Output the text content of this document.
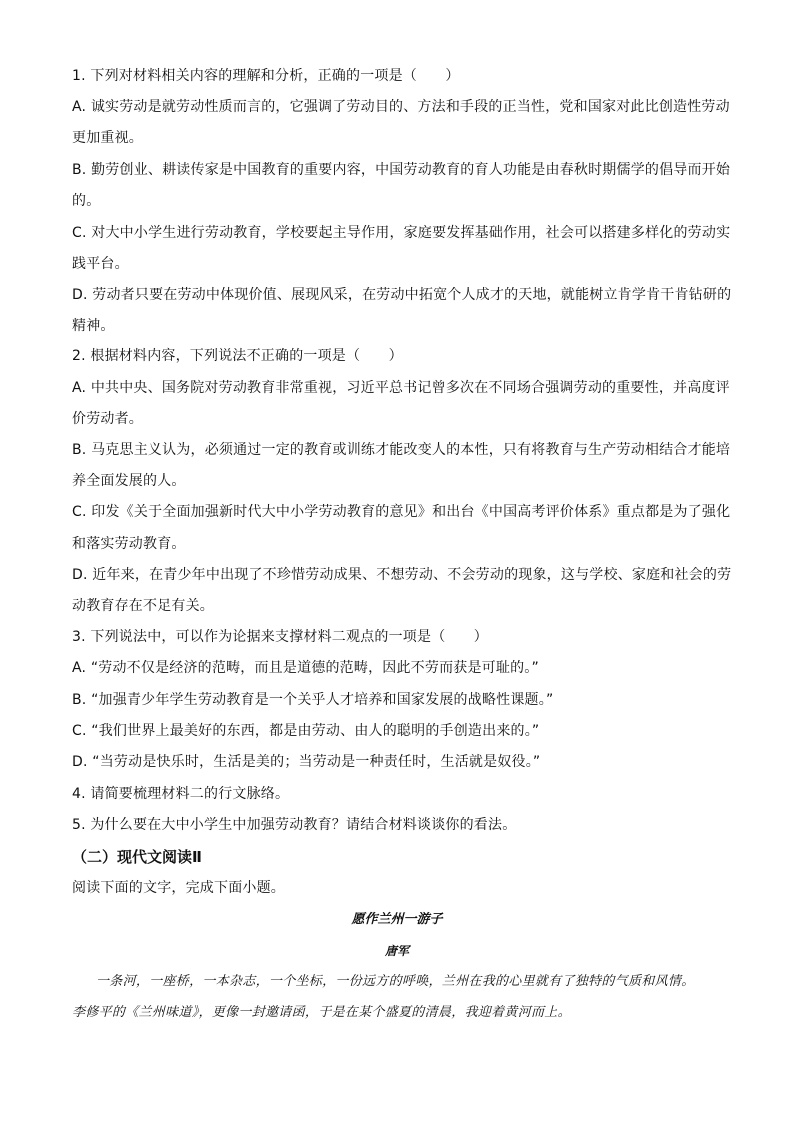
1. 下列对材料相关内容的理解和分析，正确的一项是（　　）
A. 诚实劳动是就劳动性质而言的，它强调了劳动目的、方法和手段的正当性，党和国家对此比创造性劳动
更加重视。
B. 勤劳创业、耕读传家是中国教育的重要内容，中国劳动教育的育人功能是由春秋时期儒学的倡导而开始
的。
C. 对大中小学生进行劳动教育，学校要起主导作用，家庭要发挥基础作用，社会可以搭建多样化的劳动实
践平台。
D. 劳动者只要在劳动中体现价值、展现风采，在劳动中拓宽个人成才的天地，就能树立肯学肯干肯钻研的
精神。
2. 根据材料内容，下列说法不正确的一项是（　　）
A. 中共中央、国务院对劳动教育非常重视，习近平总书记曾多次在不同场合强调劳动的重要性，并高度评
价劳动者。
B. 马克思主义认为，必须通过一定的教育或训练才能改变人的本性，只有将教育与生产劳动相结合才能培
养全面发展的人。
C. 印发《关于全面加强新时代大中小学劳动教育的意见》和出台《中国高考评价体系》重点都是为了强化
和落实劳动教育。
D. 近年来，在青少年中出现了不珍惜劳动成果、不想劳动、不会劳动的现象，这与学校、家庭和社会的劳
动教育存在不足有关。
3. 下列说法中，可以作为论据来支撑材料二观点的一项是（　　）
A. “劳动不仅是经济的范畴，而且是道德的范畴，因此不劳而获是可耻的。”
B. “加强青少年学生劳动教育是一个关乎人才培养和国家发展的战略性课题。”
C. “我们世界上最美好的东西，都是由劳动、由人的聪明的手创造出来的。”
D. “当劳动是快乐时，生活是美的；当劳动是一种责任时，生活就是奴役。”
4. 请简要梳理材料二的行文脉络。
5. 为什么要在大中小学生中加强劳动教育？请结合材料谈谈你的看法。
（二）现代文阅读Ⅱ
阅读下面的文字，完成下面小题。
愿作兰州一游子
唐军
一条河，一座桥，一本杂志，一个坐标，一份远方的呼唤，兰州在我的心里就有了独特的气质和风情。
李修平的《兰州味道》，更像一封邀请函，于是在某个盛夏的清晨，我迎着黄河而上。
